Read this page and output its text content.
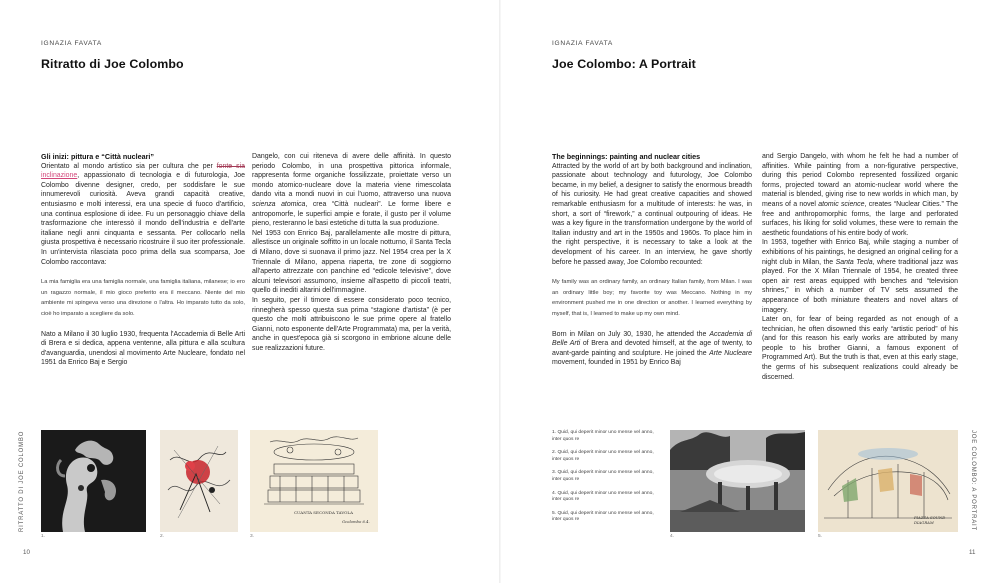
IGNAZIA FAVATA
Ritratto di Joe Colombo
Gli inizi: pittura e “Città nucleari”

Orientato al mondo artistico sia per cultura che per fonte sia inclinazione, appassionato di tecnologia e di futurologia, Joe Colombo divenne designer, credo, per soddisfare le sue innumerevoli curiosità. Aveva grandi capacità creative, entusiasmo e molti interessi, era una specie di fuoco d'artificio, una continua esplosione di idee. Fu un personaggio chiave della trasformazione che interessò il mondo dell'industria e dell'arte italiane negli anni cinquanta e sessanta. Per collocarlo nella giusta prospettiva è necessario ricostruire il suo iter professionale. In un'intervista rilasciata poco prima della sua scomparsa, Joe Colombo raccontava:

La mia famiglia era una famiglia normale, una famiglia italiana, milanese; io ero un ragazzo normale, il mio gioco preferito era il meccano. Niente del mio ambiente mi spingeva verso una direzione o l'altra. Ho imparato tutto da solo, cioè ho imparato a scegliere da solo.

Nato a Milano il 30 luglio 1930, frequenta l'Accademia di Belle Arti di Brera e si dedica, appena ventenne, alla pittura e alla scultura d'avanguardia, unendosi al movimento Arte Nucleare, fondato nel 1951 da Enrico Baj e Sergio

Dangelo, con cui riteneva di avere delle affinità. In questo periodo Colombo, in una prospettiva pittorica informale, rappresenta forme organiche fossilizzate, proiettate verso un mondo atomico-nucleare dove la materia viene rimescolata dando vita a mondi nuovi in cui l'uomo, attraverso una nuova scienza atomica, crea “Città nucleari”. Le forme libere e antropomorfe, le superfici ampie e forate, il gusto per il volume pieno, resteranno le basi estetiche di tutta la sua produzione.

Nel 1953 con Enrico Baj, parallelamente alle mostre di pittura, allestisce un originale soffitto in un locale notturno, il Santa Tecla di Milano, dove si suonava il primo jazz. Nel 1954 crea per la X Triennale di Milano, appena riaperta, tre zone di soggiorno all'aperto attrezzate con panchine ed “edicole televisive”, dove alcuni televisori assumono, insieme all'aspetto di piccoli teatri, quello di inediti altarini dell'immagine.

In seguito, per il timore di essere considerato poco tecnico, rinnegherà spesso questa sua prima “stagione d'artista” (è per questo che molti attribuiscono le sue prime opere al fratello Gianni, noto esponente dell'Arte Programmata) ma, per la verità, anche in quest'epoca già si scorgono in embrione alcune delle sue realizzazioni future.

1.	2.
CUANTA SECONDA TAVOLA
Gcolombo 6.4.
3.
RITRATTO DI JOE COLOMBO
10
IGNAZIA FAVATA
Joe Colombo: A Portrait
The beginnings: painting and nuclear cities

Attracted by the world of art by both background and inclination, passionate about technology and futurology, Joe Colombo became, in my belief, a designer to satisfy the enormous breadth of his curiosity. He had great creative capacities and showed remarkable enthusiasm for a multitude of interests: he was, in short, a sort of “firework,” a continual outpouring of ideas. He was a key figure in the transformation undergone by the world of Italian industry and art in the 1950s and 1960s. To place him in the right perspective, it is necessary to take a look at the development of his career. In an interview, he gave shortly before he passed away, Joe Colombo recounted:

My family was an ordinary family, an ordinary Italian family, from Milan. I was an ordinary little boy; my favorite toy was Meccano. Nothing in my environment pushed me in one direction or another. I learned everything by myself, that is, I learned to make up my own mind.

Born in Milan on July 30, 1930, he attended the Accademia di Belle Arti of Brera and devoted himself, at the age of twenty, to avant-garde painting and sculpture. He joined the Arte Nucleare movement, founded in 1951 by Enrico Baj

and Sergio Dangelo, with whom he felt he had a number of affinities. While painting from a non-figurative perspective, during this period Colombo represented fossilized organic forms, projected toward an atomic-nuclear world where the material is blended, giving rise to new worlds in which man, by means of a novel atomic science, creates “Nuclear Cities.” The free and anthropomorphic forms, the large and perforated surfaces, his liking for solid volumes, these were to remain the aesthetic foundations of his entire body of work.

In 1953, together with Enrico Baj, while staging a number of exhibitions of his paintings, he designed an original ceiling for a night club in Milan, the Santa Tecla, where traditional jazz was played. For the X Milan Triennale of 1954, he created three open air rest areas equipped with benches and “television shrines,” in which a number of TV sets assumed the appearance of both miniature theaters and novel altars of imagery.

Later on, for fear of being regarded as not enough of a technician, he often disowned this early “artistic period” of his (and for this reason his early works are attributed by many people to his brother Gianni, a famous exponent of Programmed Art). But the truth is that, even at this early stage, the germs of his subsequent realizations could already be discerned.

1. Quid, qui deperit minor uno mense vel anno, inter quos re
2. Quid, qui deperit minor uno mense vel anno, inter quos re
3. Quid, qui deperit minor uno mense vel anno, inter quos re
4. Quid, qui deperit minor uno mense vel anno, inter quos re
5. Quid, qui deperit minor uno mense vel anno, inter quos re
4.
PIAZZA SOUND DIAGRAM
5.
JOE COLOMBO: A PORTRAIT
11
